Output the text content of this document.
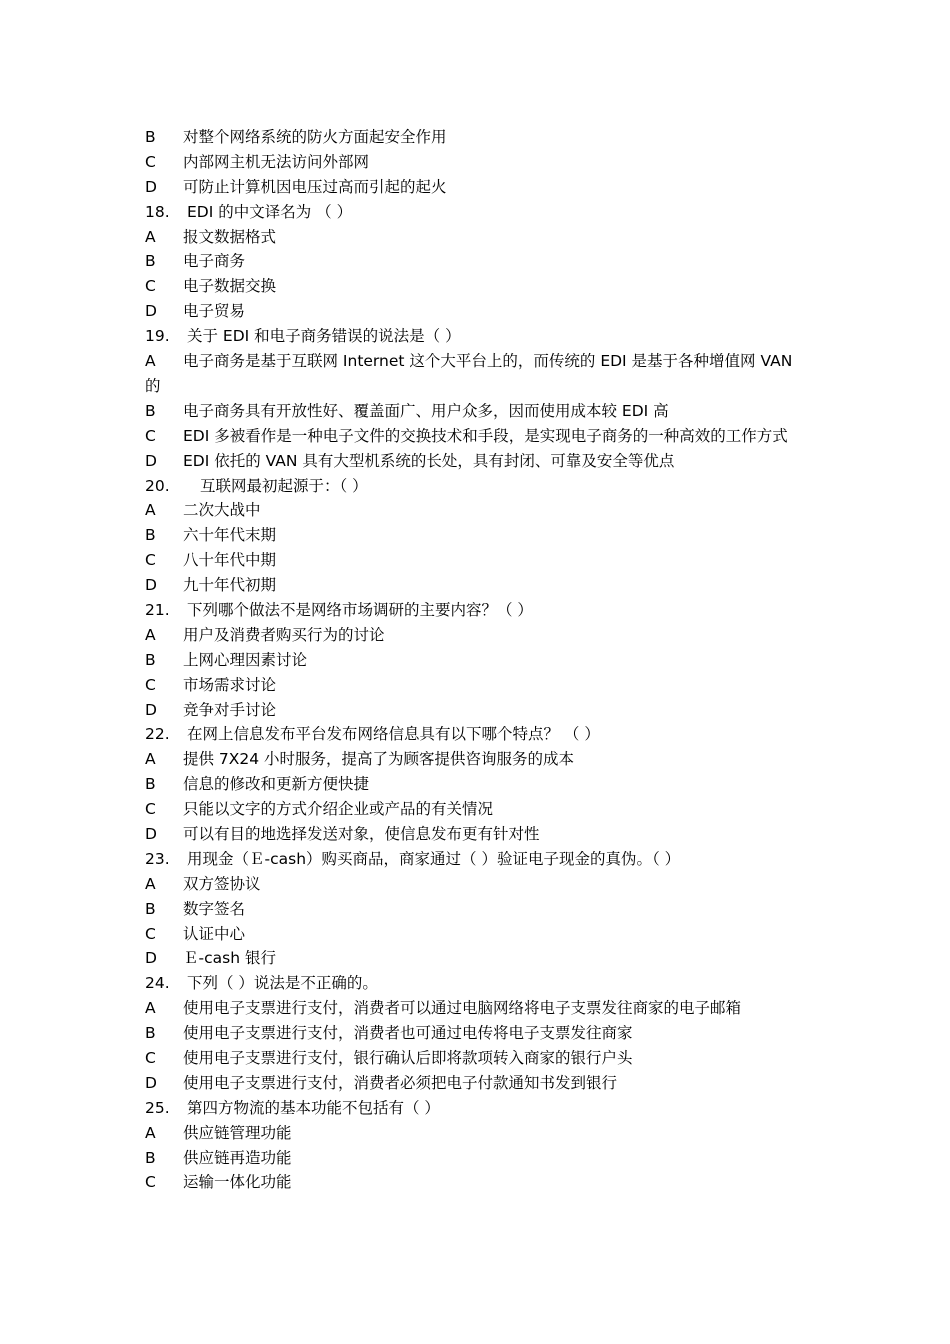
B 对整个网络系统的防火方面起安全作用
C 内部网主机无法访问外部网
D 可防止计算机因电压过高而引起的起火
18. EDI 的中文译名为 （ ）
A 报文数据格式
B 电子商务
C 电子数据交换
D 电子贸易
19. 关于 EDI 和电子商务错误的说法是（ ）
A 电子商务是基于互联网 Internet 这个大平台上的，而传统的 EDI 是基于各种增值网 VAN 的
B 电子商务具有开放性好、覆盖面广、用户众多，因而使用成本较 EDI 高
C EDI 多被看作是一种电子文件的交换技术和手段，是实现电子商务的一种高效的工作方式
D EDI 依托的 VAN 具有大型机系统的长处，具有封闭、可靠及安全等优点
20. 互联网最初起源于：（ ）
A 二次大战中
B 六十年代末期
C 八十年代中期
D 九十年代初期
21. 下列哪个做法不是网络市场调研的主要内容？（ ）
A 用户及消费者购买行为的讨论
B 上网心理因素讨论
C 市场需求讨论
D 竞争对手讨论
22. 在网上信息发布平台发布网络信息具有以下哪个特点？ （ ）
A 提供 7X24 小时服务，提高了为顾客提供咨询服务的成本
B 信息的修改和更新方便快捷
C 只能以文字的方式介绍企业或产品的有关情况
D 可以有目的地选择发送对象，使信息发布更有针对性
23. 用现金（Ｅ-cash）购买商品，商家通过（ ）验证电子现金的真伪。（ ）
A 双方签协议
B 数字签名
C 认证中心
D Ｅ-cash 银行
24. 下列（ ）说法是不正确的。
A 使用电子支票进行支付，消费者可以通过电脑网络将电子支票发往商家的电子邮箱
B 使用电子支票进行支付，消费者也可通过电传将电子支票发往商家
C 使用电子支票进行支付，银行确认后即将款项转入商家的银行户头
D 使用电子支票进行支付，消费者必须把电子付款通知书发到银行
25. 第四方物流的基本功能不包括有（ ）
A 供应链管理功能
B 供应链再造功能
C 运输一体化功能
